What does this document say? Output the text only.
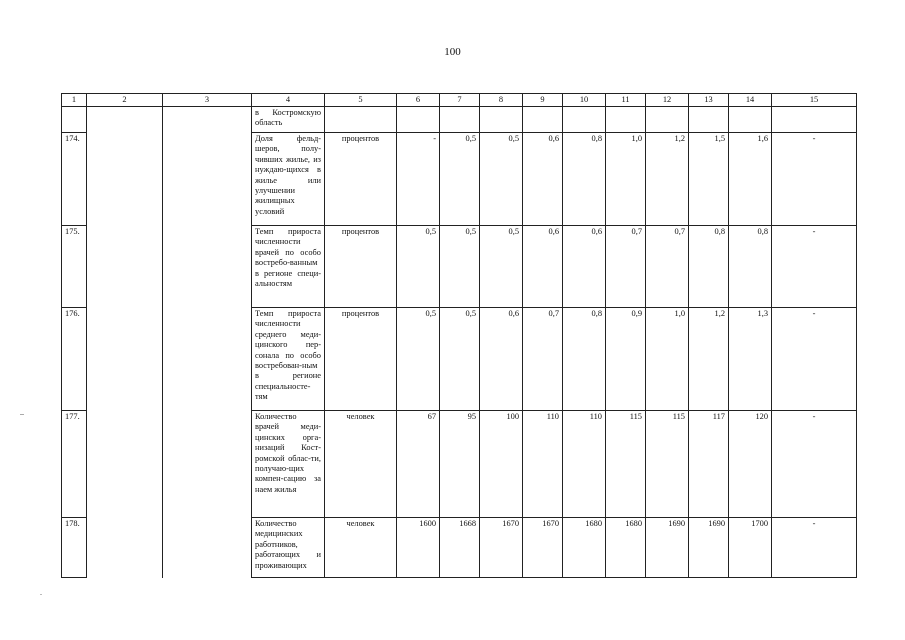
100
1	2	3	4	5	6	7	8	9	10	11	12	13	14	15
			в Костромскую область											
174.			Доля фельд-шеров, полу-чивших жилье, из нуждаю-щихся в жилье или улучшении жилищных условий	процентов	-	0,5	0,5	0,6	0,8	1,0	1,2	1,5	1,6	-
175.			Темп прироста численности врачей по особо востребо-ванным в регионе специ-альностям	процентов	0,5	0,5	0,5	0,6	0,6	0,7	0,7	0,8	0,8	-
176.			Темп прироста численности среднего меди-цинского пер-сонала по особо востребован-ным в регионе специальносте-тям	процентов	0,5	0,5	0,6	0,7	0,8	0,9	1,0	1,2	1,3	-
177.			Количество врачей меди-цинских орга-низаций Кост-ромской облас-ти, получаю-щих компен-сацию за наем жилья	человек	67	95	100	110	110	115	115	117	120	-
178.			Количество медицинских работников, работающих и проживающих	человек	1600	1668	1670	1670	1680	1680	1690	1690	1700	-
